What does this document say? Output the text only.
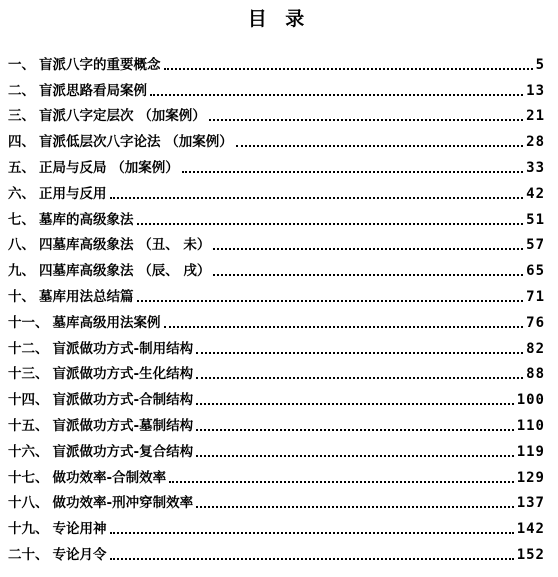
目 录
一、 盲派八字的重要概念	5
二、 盲派思路看局案例	13
三、 盲派八字定层次 （加案例）	21
四、 盲派低层次八字论法 （加案例）	28
五、 正局与反局 （加案例）	33
六、 正用与反用	42
七、 墓库的高级象法	51
八、 四墓库高级象法 （丑、 未）	57
九、 四墓库高级象法 （辰、 戌）	65
十、 墓库用法总结篇	71
十一、 墓库高级用法案例	76
十二、 盲派做功方式-制用结构	82
十三、 盲派做功方式-生化结构	88
十四、 盲派做功方式-合制结构	100
十五、 盲派做功方式-墓制结构	110
十六、 盲派做功方式-复合结构	119
十七、 做功效率-合制效率	129
十八、 做功效率-刑冲穿制效率	137
十九、 专论用神	142
二十、 专论月令	152
